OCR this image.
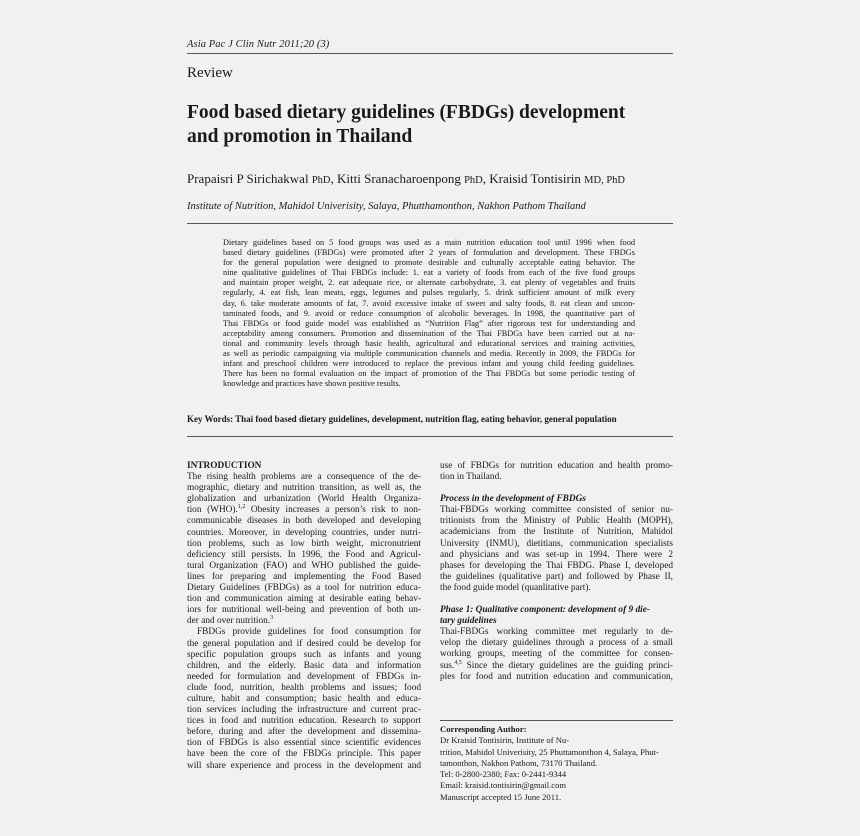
Asia Pac J Clin Nutr 2011;20 (3)
Review
Food based dietary guidelines (FBDGs) development
and promotion in Thailand
Prapaisri P Sirichakwal PhD, Kitti Sranacharoenpong PhD, Kraisid Tontisirin MD, PhD
Institute of Nutrition, Mahidol Univerisity, Salaya, Phutthamonthon, Nakhon Pathom Thailand
Dietary guidelines based on 5 food groups was used as a main nutrition education tool until 1996 when food
based dietary guidelines (FBDGs) were promoted after 2 years of formulation and development. These FBDGs
for the general population were designed to promote desirable and culturally acceptable eating behavior. The
nine qualitative guidelines of Thai FBDGs include: 1. eat a variety of foods from each of the five food groups
and maintain proper weight, 2. eat adequate rice, or alternate carbohydrate, 3. eat plenty of vegetables and fruits
regularly, 4. eat fish, lean meats, eggs, legumes and pulses regularly, 5. drink sufficient amount of milk every
day, 6. take moderate amounts of fat, 7. avoid excessive intake of sweet and salty foods, 8. eat clean and uncon-
taminated foods, and 9. avoid or reduce consumption of alcoholic beverages. In 1998, the quantitative part of
Thai FBDGs or food guide model was established as “Nutrition Flag” after rigorous test for understanding and
acceptability among consumers. Promotion and dissemination of the Thai FBDGs have been carried out at na-
tional and community levels through basic health, agricultural and educational services and training activities,
as well as periodic campaigning via multiple communication channels and media. Recently in 2009, the FBDGs for
infant and preschool children were introduced to replace the previous infant and young child feeding guidelines.
There has been no formal evaluation on the impact of promotion of the Thai FBDGs but some periodic testing of
knowledge and practices have shown positive results.
Key Words: Thai food based dietary guidelines, development, nutrition flag, eating behavior, general population
INTRODUCTION
The rising health problems are a consequence of the de-
mographic, dietary and nutrition transition, as well as, the
globalization and urbanization (World Health Organiza-
tion (WHO).$^{1,2}$ Obesity increases a person’s risk to non-
communicable diseases in both developed and developing
countries. Moreover, in developing countries, under nutri-
tion problems, such as low birth weight, micronutrient
deficiency still persists. In 1996, the Food and Agricul-
tural Organization (FAO) and WHO published the guide-
lines for preparing and implementing the Food Based
Dietary Guidelines (FBDGs) as a tool for nutrition educa-
tion and communication aiming at desirable eating behav-
iors for nutritional well-being and prevention of both un-
der and over nutrition.$^3$
FBDGs provide guidelines for food consumption for
the general population and if desired could be develop for
specific population groups such as infants and young
children, and the elderly. Basic data and information
needed for formulation and development of FBDGs in-
clude food, nutrition, health problems and issues; food
culture, habit and consumption; basic health and educa-
tion services including the infrastructure and current prac-
tices in food and nutrition education. Research to support
before, during and after the development and dissemina-
tion of FBDGs is also essential since scientific evidences
have been the core of the FBDGs principle. This paper
will share experience and process in the development and
use of FBDGs for nutrition education and health promo-
tion in Thailand.
Process in the development of FBDGs
Thai-FBDGs working committee consisted of senior nu-
tritionists from the Ministry of Public Health (MOPH),
academicians from the Institute of Nutrition, Mahidol
University (INMU), dietitians, communication specialists
and physicians and was set-up in 1994. There were 2
phases for developing the Thai FBDG. Phase I, developed
the guidelines (qualitative part) and followed by Phase II,
the food guide model (quanlitative part).
Phase 1: Qualitative component: development of 9 die-
tary guidelines
Thai-FBDGs working committee met regularly to de-
velop the dietary guidelines through a process of a small
working groups, meeting of the committee for consen-
sus.$^{4,5}$ Since the dietary guidelines are the guiding princi-
ples for food and nutrition education and communication,
Corresponding Author:
Dr Kraisid Tontisirin, Institute of Nu-
trition, Mahidol Univerisity, 25 Phuttamonthon 4, Salaya, Phut-
tamonthon, Nakhon Pathom, 73170 Thailand.
Tel: 0-2800-2380; Fax: 0-2441-9344
Email: kraisid.tontisirin@gmail.com
Manuscript accepted 15 June 2011.
